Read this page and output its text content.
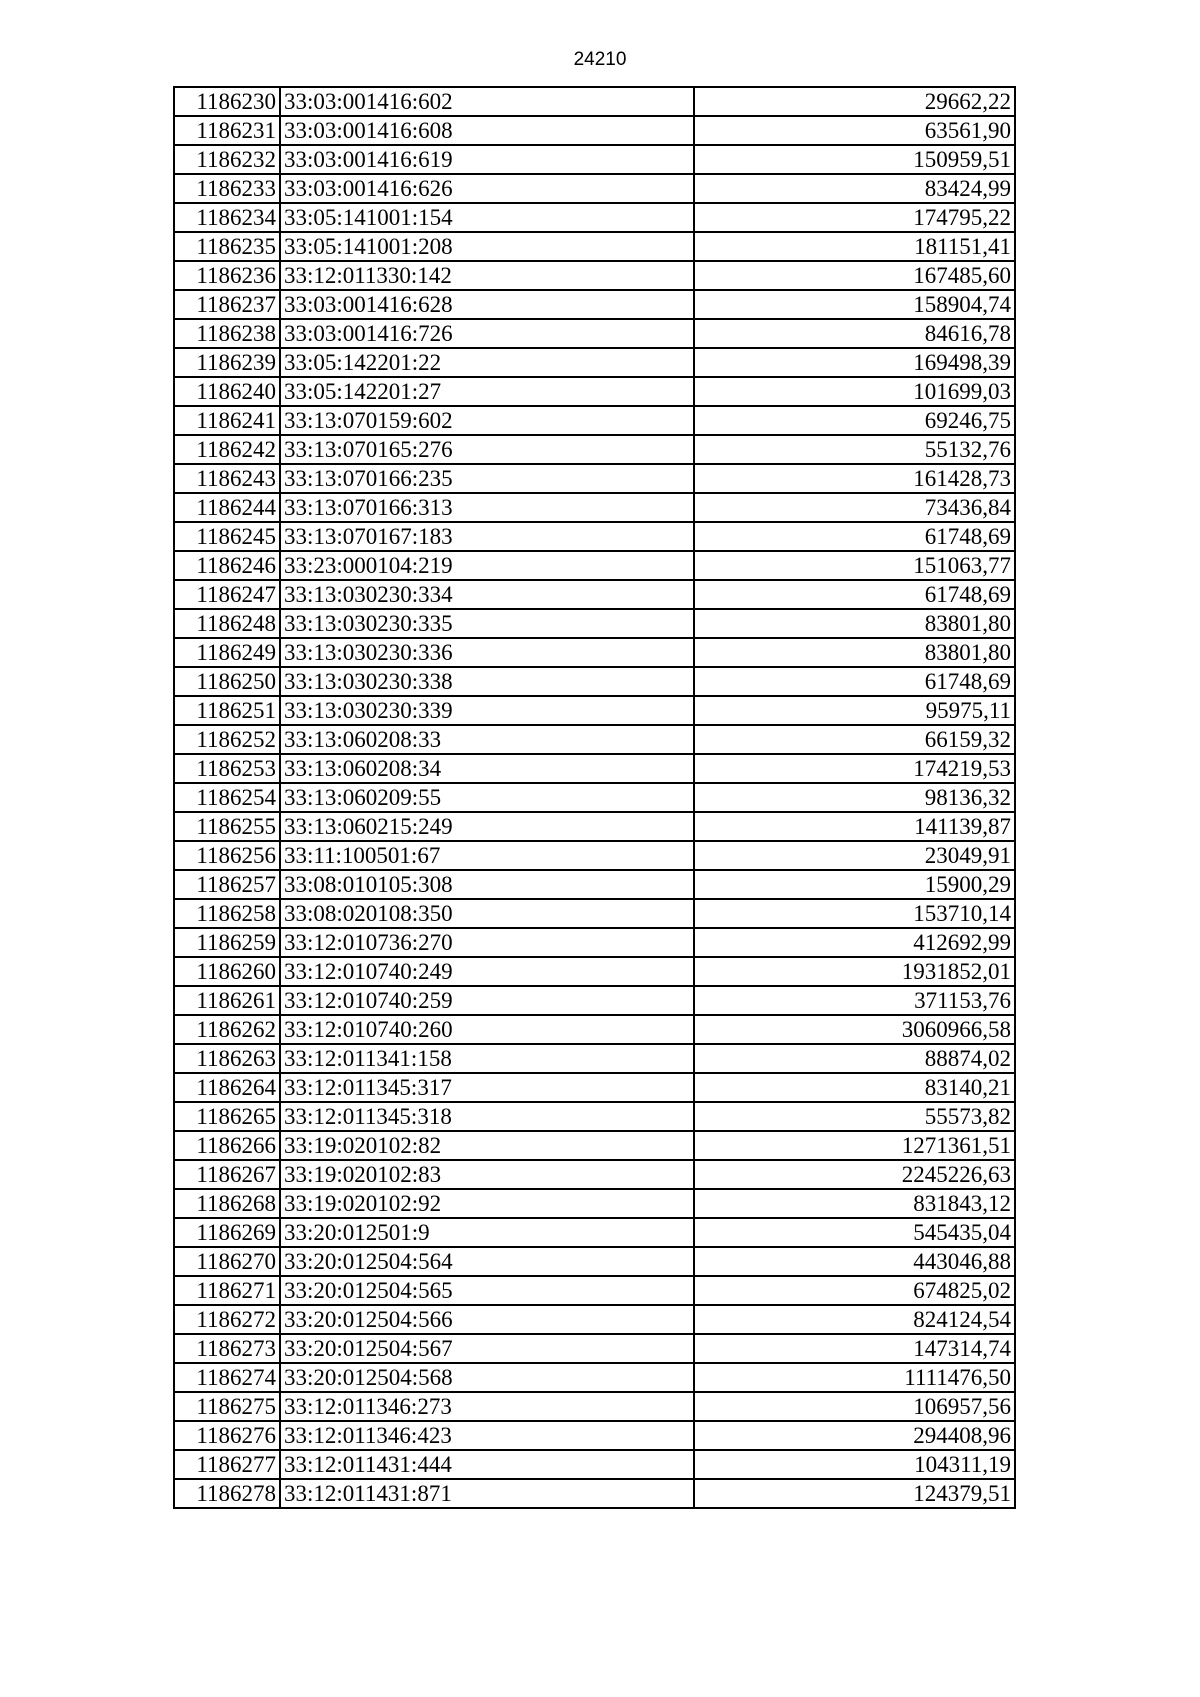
24210
1186230	33:03:001416:602	29662,22
1186231	33:03:001416:608	63561,90
1186232	33:03:001416:619	150959,51
1186233	33:03:001416:626	83424,99
1186234	33:05:141001:154	174795,22
1186235	33:05:141001:208	181151,41
1186236	33:12:011330:142	167485,60
1186237	33:03:001416:628	158904,74
1186238	33:03:001416:726	84616,78
1186239	33:05:142201:22	169498,39
1186240	33:05:142201:27	101699,03
1186241	33:13:070159:602	69246,75
1186242	33:13:070165:276	55132,76
1186243	33:13:070166:235	161428,73
1186244	33:13:070166:313	73436,84
1186245	33:13:070167:183	61748,69
1186246	33:23:000104:219	151063,77
1186247	33:13:030230:334	61748,69
1186248	33:13:030230:335	83801,80
1186249	33:13:030230:336	83801,80
1186250	33:13:030230:338	61748,69
1186251	33:13:030230:339	95975,11
1186252	33:13:060208:33	66159,32
1186253	33:13:060208:34	174219,53
1186254	33:13:060209:55	98136,32
1186255	33:13:060215:249	141139,87
1186256	33:11:100501:67	23049,91
1186257	33:08:010105:308	15900,29
1186258	33:08:020108:350	153710,14
1186259	33:12:010736:270	412692,99
1186260	33:12:010740:249	1931852,01
1186261	33:12:010740:259	371153,76
1186262	33:12:010740:260	3060966,58
1186263	33:12:011341:158	88874,02
1186264	33:12:011345:317	83140,21
1186265	33:12:011345:318	55573,82
1186266	33:19:020102:82	1271361,51
1186267	33:19:020102:83	2245226,63
1186268	33:19:020102:92	831843,12
1186269	33:20:012501:9	545435,04
1186270	33:20:012504:564	443046,88
1186271	33:20:012504:565	674825,02
1186272	33:20:012504:566	824124,54
1186273	33:20:012504:567	147314,74
1186274	33:20:012504:568	1111476,50
1186275	33:12:011346:273	106957,56
1186276	33:12:011346:423	294408,96
1186277	33:12:011431:444	104311,19
1186278	33:12:011431:871	124379,51
